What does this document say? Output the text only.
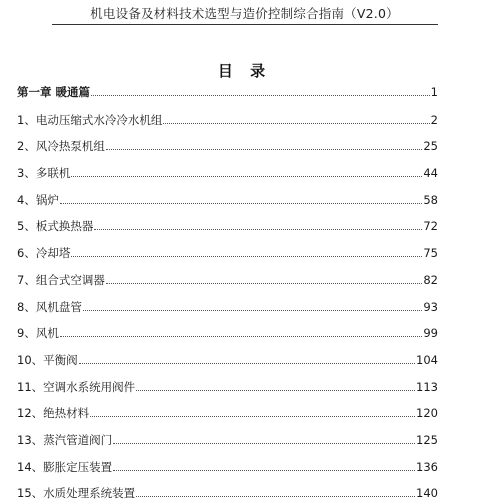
机电设备及材料技术选型与造价控制综合指南（V2.0）
目 录
第一章 暖通篇	1
1、电动压缩式水冷冷水机组	2
2、风冷热泵机组	25
3、多联机	44
4、锅炉	58
5、板式换热器	72
6、冷却塔	75
7、组合式空调器	82
8、风机盘管	93
9、风机	99
10、平衡阀	104
11、空调水系统用阀件	113
12、绝热材料	120
13、蒸汽管道阀门	125
14、膨胀定压装置	136
15、水质处理系统装置	140
